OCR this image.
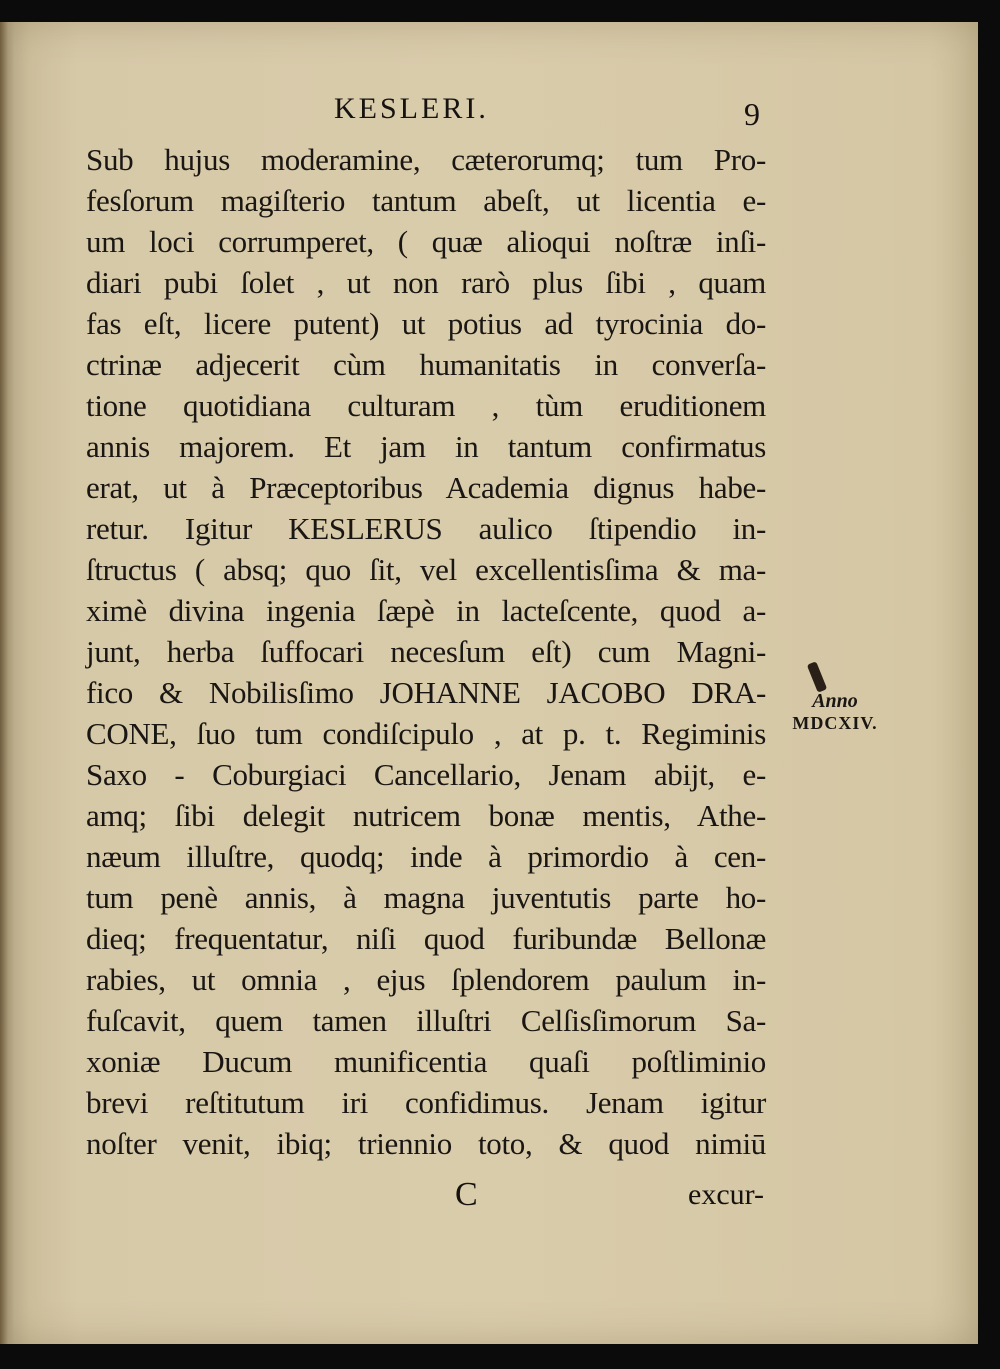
KESLERI.	9
Sub hujus moderamine, cæterorumq; tum Pro-
fesſorum magiſterio tantum abeſt, ut licentia e-
um loci corrumperet, ( quæ alioqui noſtræ inſi-
diari pubi ſolet , ut non rarò plus ſibi , quam
fas eſt, licere putent) ut potius ad tyrocinia do-
ctrinæ adjecerit cùm humanitatis in converſa-
tione quotidiana culturam , tùm eruditionem
annis majorem. Et jam in tantum confirmatus
erat, ut à Præceptoribus Academia dignus habe-
retur. Igitur KESLERUS aulico ſtipendio in-
ſtructus ( absq; quo ſit, vel excellentisſima & ma-
ximè divina ingenia ſæpè in lacteſcente, quod a-
junt, herba ſuffocari necesſum eſt) cum Magni-
fico & Nobilisſimo JOHANNE JACOBO DRA-
CONE, ſuo tum condiſcipulo , at p. t. Regiminis
Saxo - Coburgiaci Cancellario, Jenam abijt, e-
amq; ſibi delegit nutricem bonæ mentis, Athe-
næum illuſtre, quodq; inde à primordio à cen-
tum penè annis, à magna juventutis parte ho-
dieq; frequentatur, niſi quod furibundæ Bellonæ
rabies, ut omnia , ejus ſplendorem paulum in-
fuſcavit, quem tamen illuſtri Celſisſimorum Sa-
xoniæ Ducum munificentia quaſi poſtliminio
brevi reſtitutum iri confidimus. Jenam igitur
noſter venit, ibiq; triennio toto, & quod nimiū
Anno
MDCXIV.
C	excur-
